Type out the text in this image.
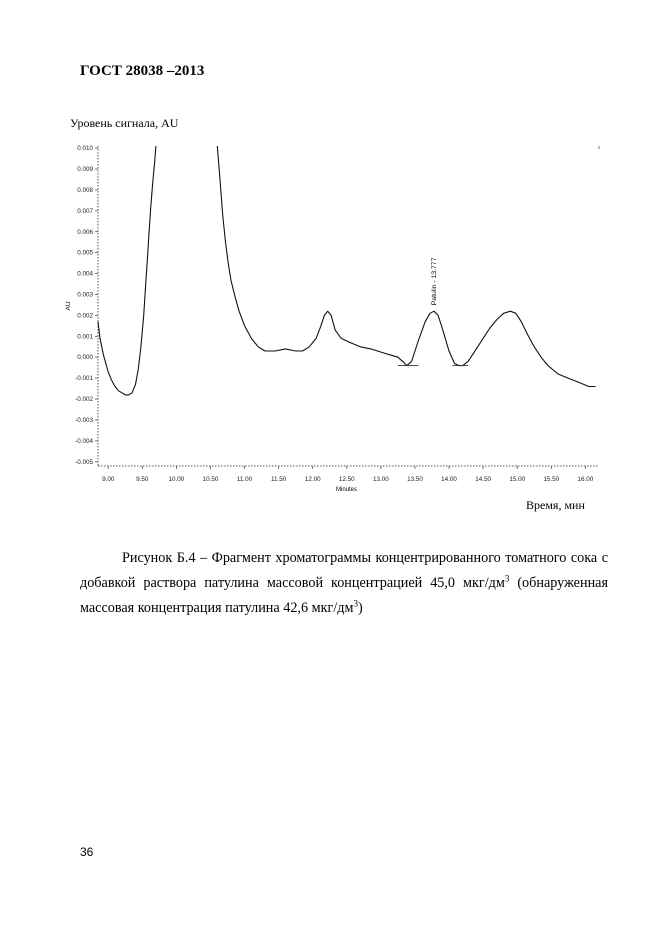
ГОСТ 28038 –2013
Уровень сигнала, AU
AU
Minutes
0.010
0.009
0.008
0.007
0.006
0.005
0.004
0.003
0.002
0.001
0.000
-0.001
-0.002
-0.003
-0.004
-0.005
9.00	9.50	10.00	10.50	11.00	11.50	12.00	12.50	13.00	13.50	14.00	14.50	15.00	15.50	16.00
Patulin - 13.777
Время, мин

Рисунок Б.4 – Фрагмент хроматограммы концентрированного томатного сока с добавкой раствора патулина массовой концентрацией 45,0 мкг/$дм^3$ (обнаруженная массовая концентрация патулина 42,6 мкг/$дм^3$)

36
